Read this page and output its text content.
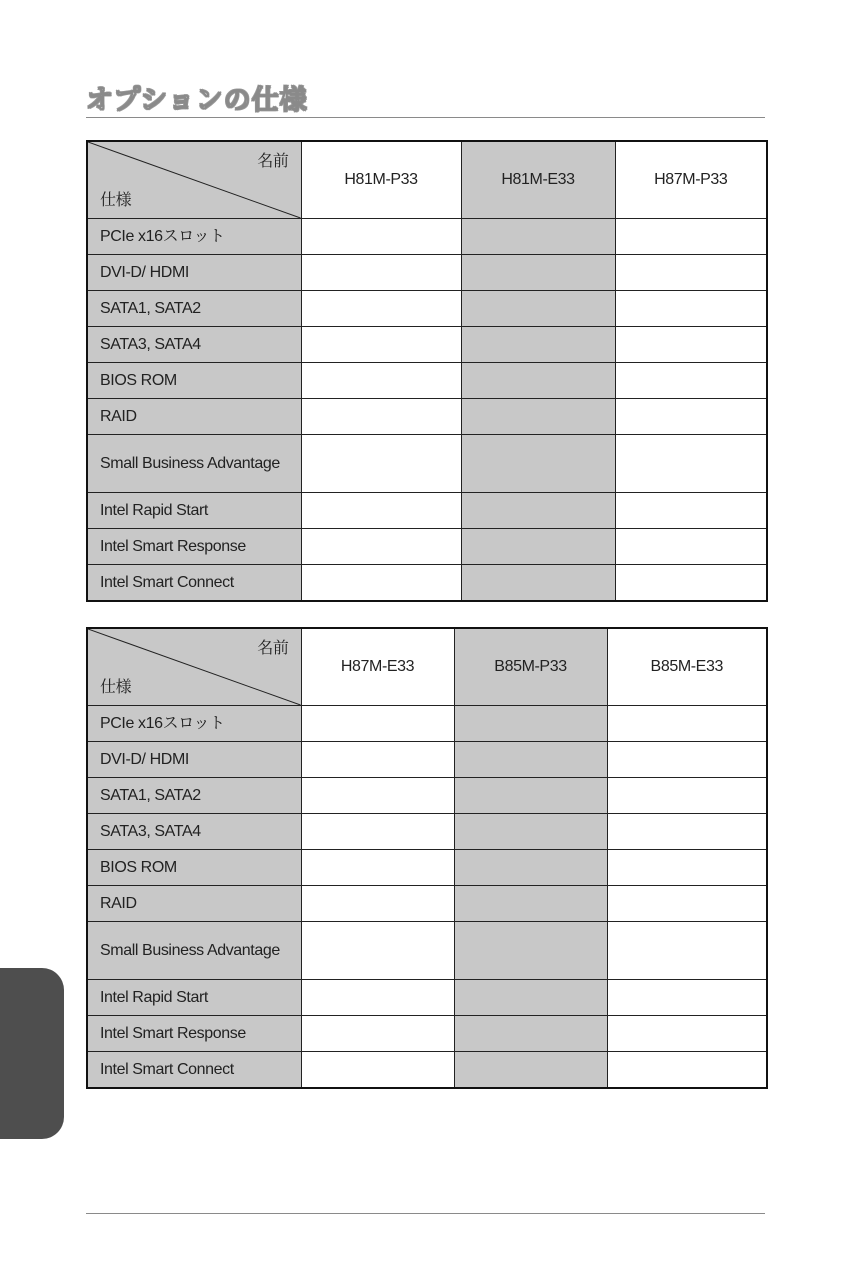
オプションの仕様
名前
仕様	H81M-P33	H81M-E33	H87M-P33
PCIe x16スロット			
DVI-D/ HDMI			
SATA1, SATA2			
SATA3, SATA4			
BIOS ROM			
RAID			
Small Business Advantage			
Intel Rapid Start			
Intel Smart Response			
Intel Smart Connect			
名前
仕様	H87M-E33	B85M-P33	B85M-E33
PCIe x16スロット			
DVI-D/ HDMI			
SATA1, SATA2			
SATA3, SATA4			
BIOS ROM			
RAID			
Small Business Advantage			
Intel Rapid Start			
Intel Smart Response			
Intel Smart Connect			
